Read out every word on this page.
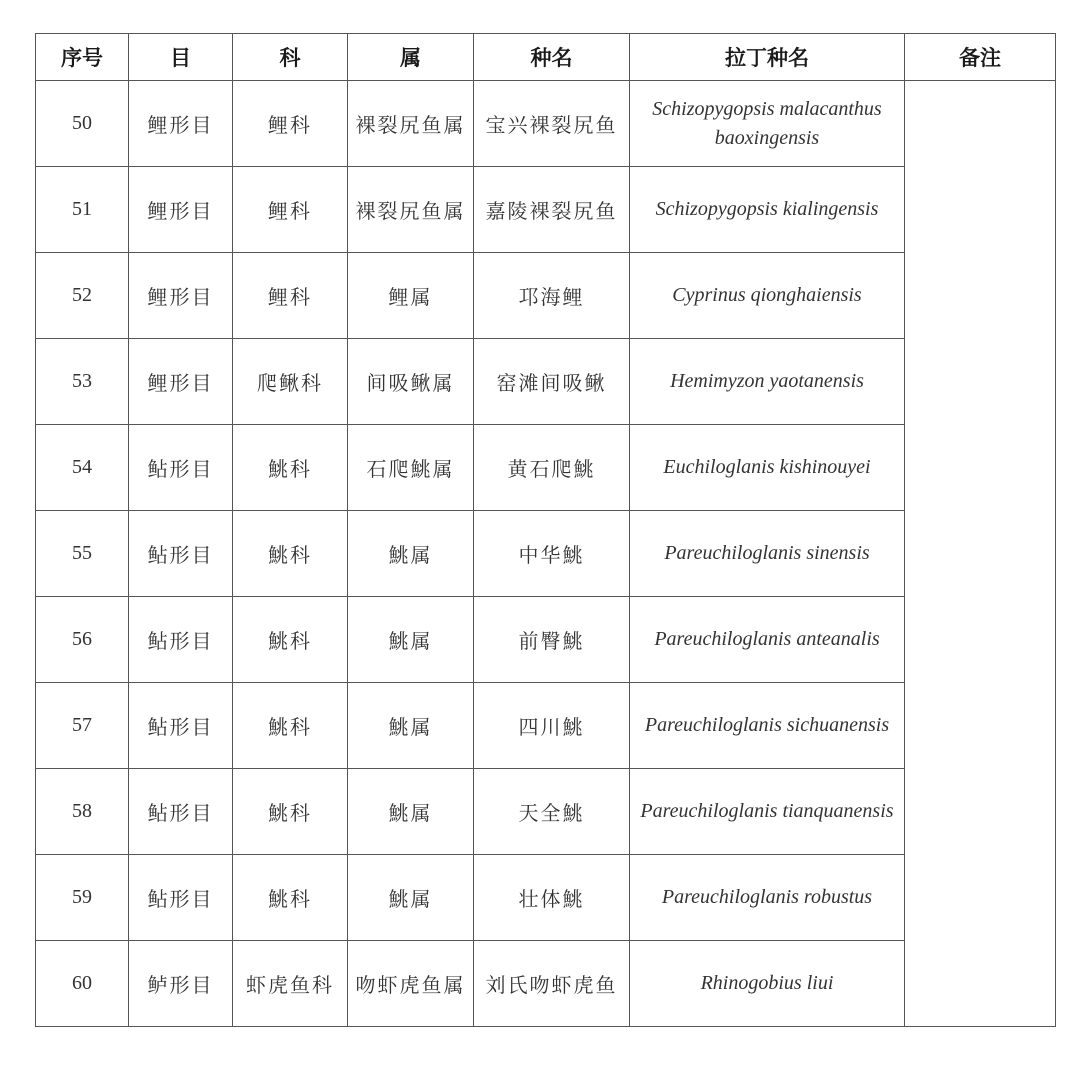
序号	目	科	属	种名	拉丁种名	备注
50	鲤形目	鲤科	裸裂尻鱼属	宝兴裸裂尻鱼	Schizopygopsis malacanthus baoxingensis	
51	鲤形目	鲤科	裸裂尻鱼属	嘉陵裸裂尻鱼	Schizopygopsis kialingensis	
52	鲤形目	鲤科	鲤属	邛海鲤	Cyprinus qionghaiensis	
53	鲤形目	爬鳅科	间吸鳅属	窑滩间吸鳅	Hemimyzon yaotanensis	
54	鲇形目	鮡科	石爬鮡属	黄石爬鮡	Euchiloglanis kishinouyei	
55	鲇形目	鮡科	鮡属	中华鮡	Pareuchiloglanis sinensis	
56	鲇形目	鮡科	鮡属	前臀鮡	Pareuchiloglanis anteanalis	
57	鲇形目	鮡科	鮡属	四川鮡	Pareuchiloglanis sichuanensis	
58	鲇形目	鮡科	鮡属	天全鮡	Pareuchiloglanis tianquanensis	
59	鲇形目	鮡科	鮡属	壮体鮡	Pareuchiloglanis robustus	
60	鲈形目	虾虎鱼科	吻虾虎鱼属	刘氏吻虾虎鱼	Rhinogobius liui	
